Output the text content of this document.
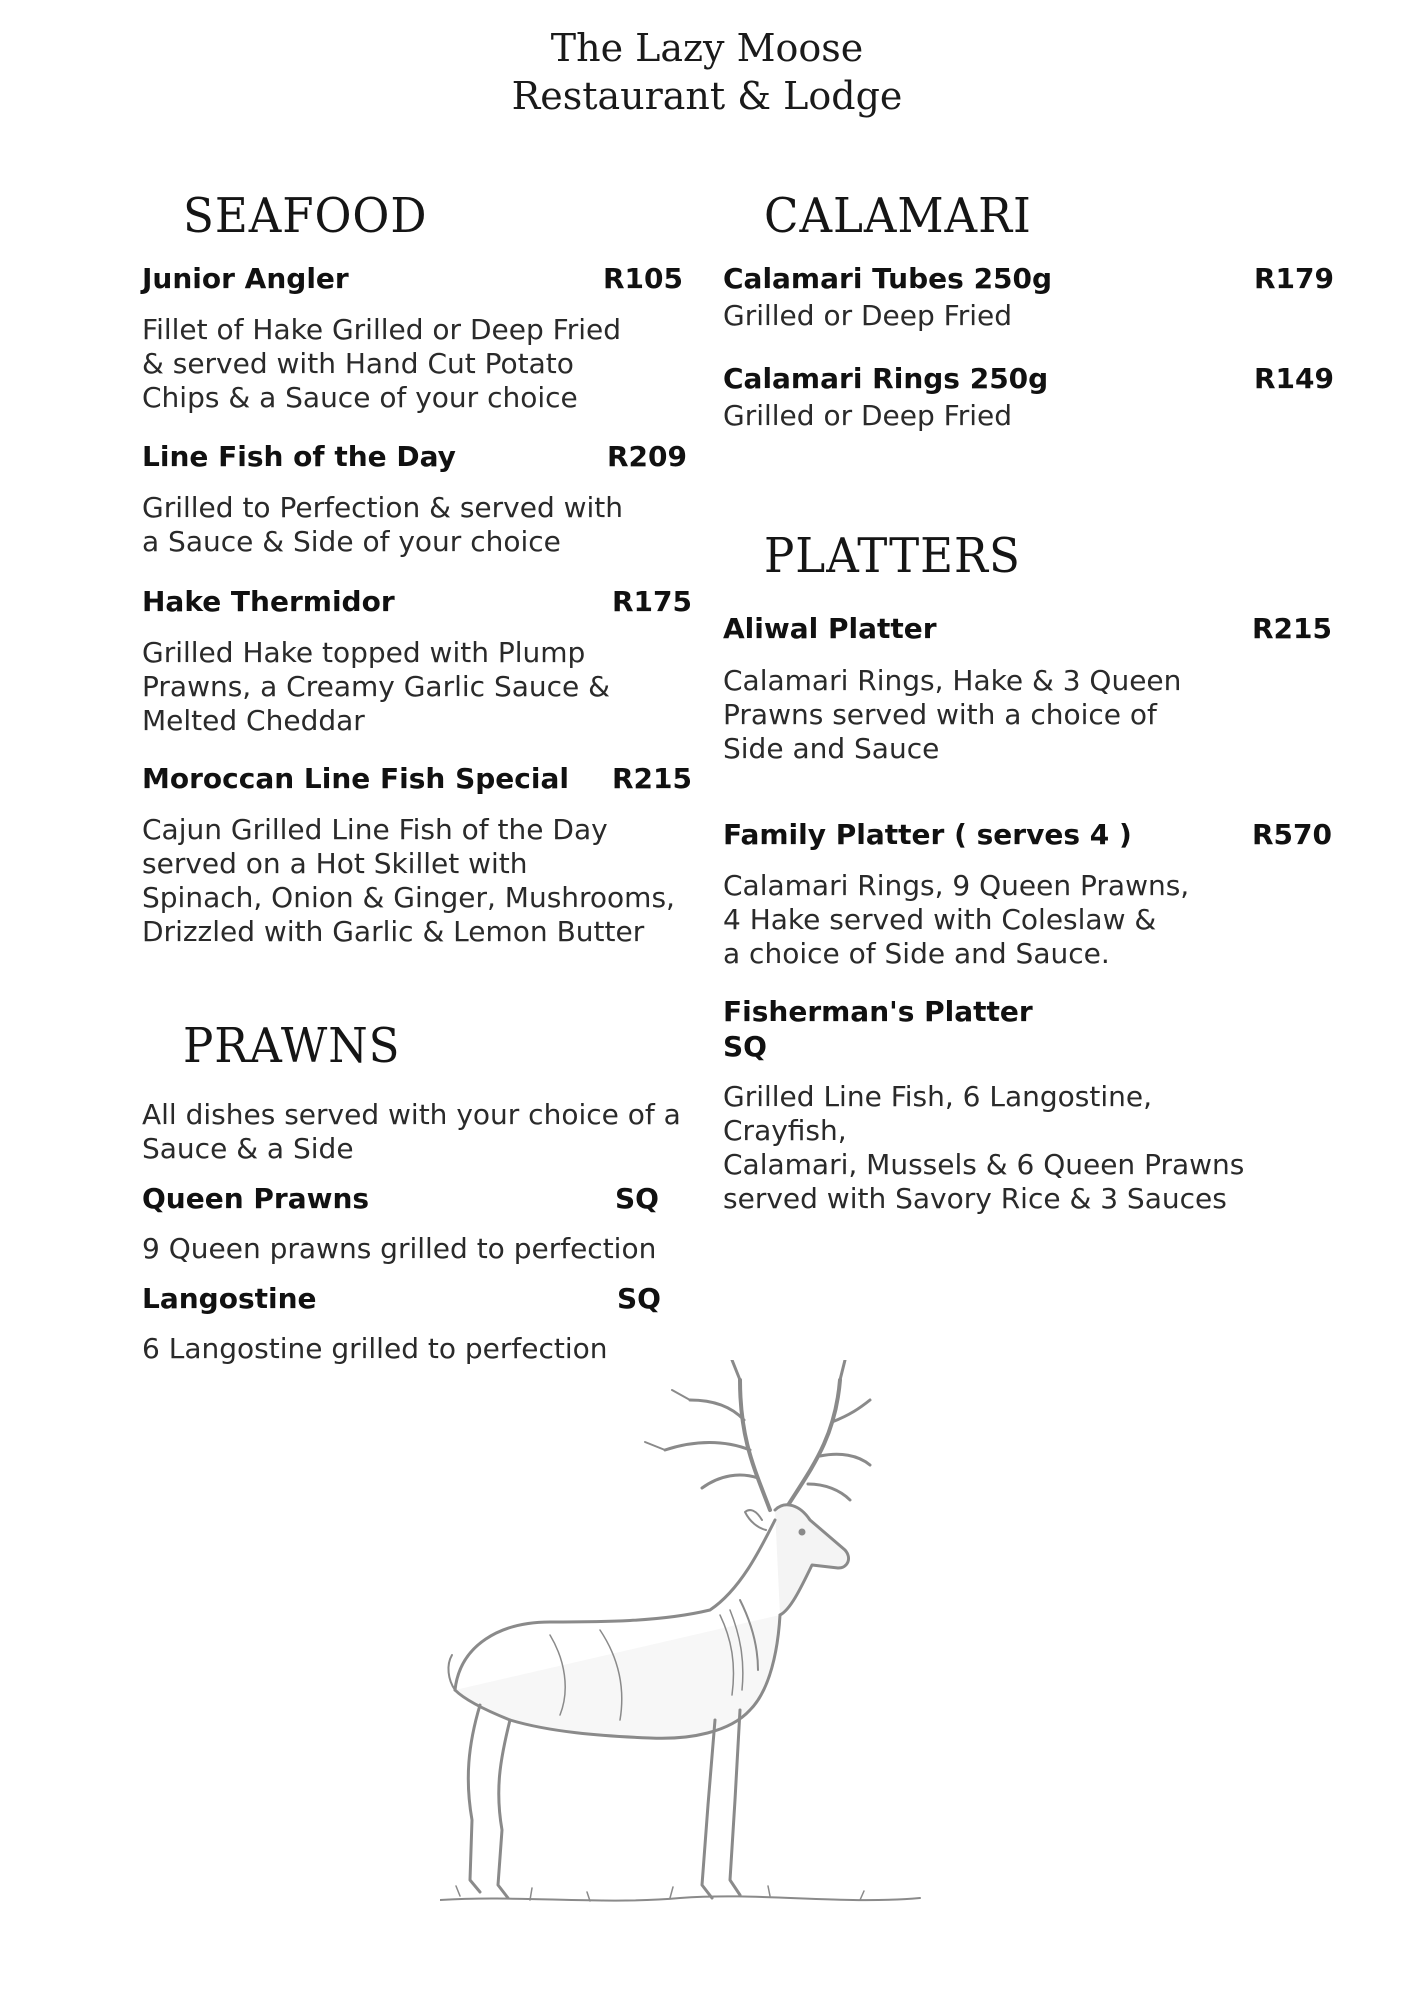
The Lazy Moose
Restaurant & Lodge
SEAFOOD
Junior Angler	R105
Fillet of Hake Grilled or Deep Fried
& served with Hand Cut Potato
Chips & a Sauce of your choice
Line Fish of the Day	R209
Grilled to Perfection & served with
a Sauce & Side of your choice
Hake Thermidor	R175
Grilled Hake topped with Plump
Prawns, a Creamy Garlic Sauce &
Melted Cheddar
Moroccan Line Fish Special R215
Cajun Grilled Line Fish of the Day
served on a Hot Skillet with
Spinach, Onion & Ginger, Mushrooms,
Drizzled with Garlic & Lemon Butter
PRAWNS
All dishes served with your choice of a
Sauce & a Side
Queen Prawns	SQ
9 Queen prawns grilled to perfection
Langostine	SQ
6 Langostine grilled to perfection
CALAMARI
Calamari Tubes 250g	R179
Grilled or Deep Fried
Calamari Rings 250g	R149
Grilled or Deep Fried
PLATTERS
Aliwal Platter	R215
Calamari Rings, Hake & 3 Queen
Prawns served with a choice of
Side and Sauce
Family Platter ( serves 4 )	R570
Calamari Rings, 9 Queen Prawns,
4 Hake served with Coleslaw &
a choice of Side and Sauce.
Fisherman's Platter
SQ
Grilled Line Fish, 6 Langostine, Crayfish,
Calamari, Mussels & 6 Queen Prawns
served with Savory Rice & 3 Sauces
